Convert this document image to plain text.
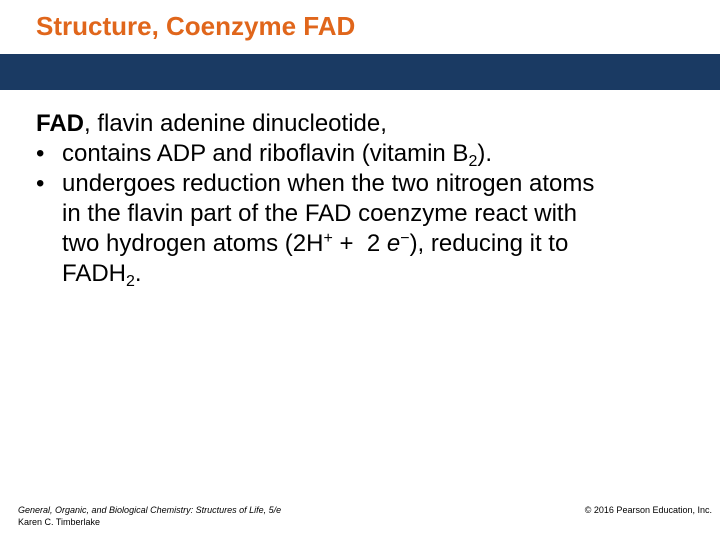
Structure, Coenzyme FAD
FAD, flavin adenine dinucleotide,
• contains ADP and riboflavin (vitamin $B_2$).
• undergoes reduction when the two nitrogen atoms
in the flavin part of the FAD coenzyme react with
two hydrogen atoms (2H+ +  2 e−), reducing it to
$FADH_2$.
General, Organic, and Biological Chemistry: Structures of Life, 5/e
Karen C. Timberlake
© 2016 Pearson Education, Inc.
